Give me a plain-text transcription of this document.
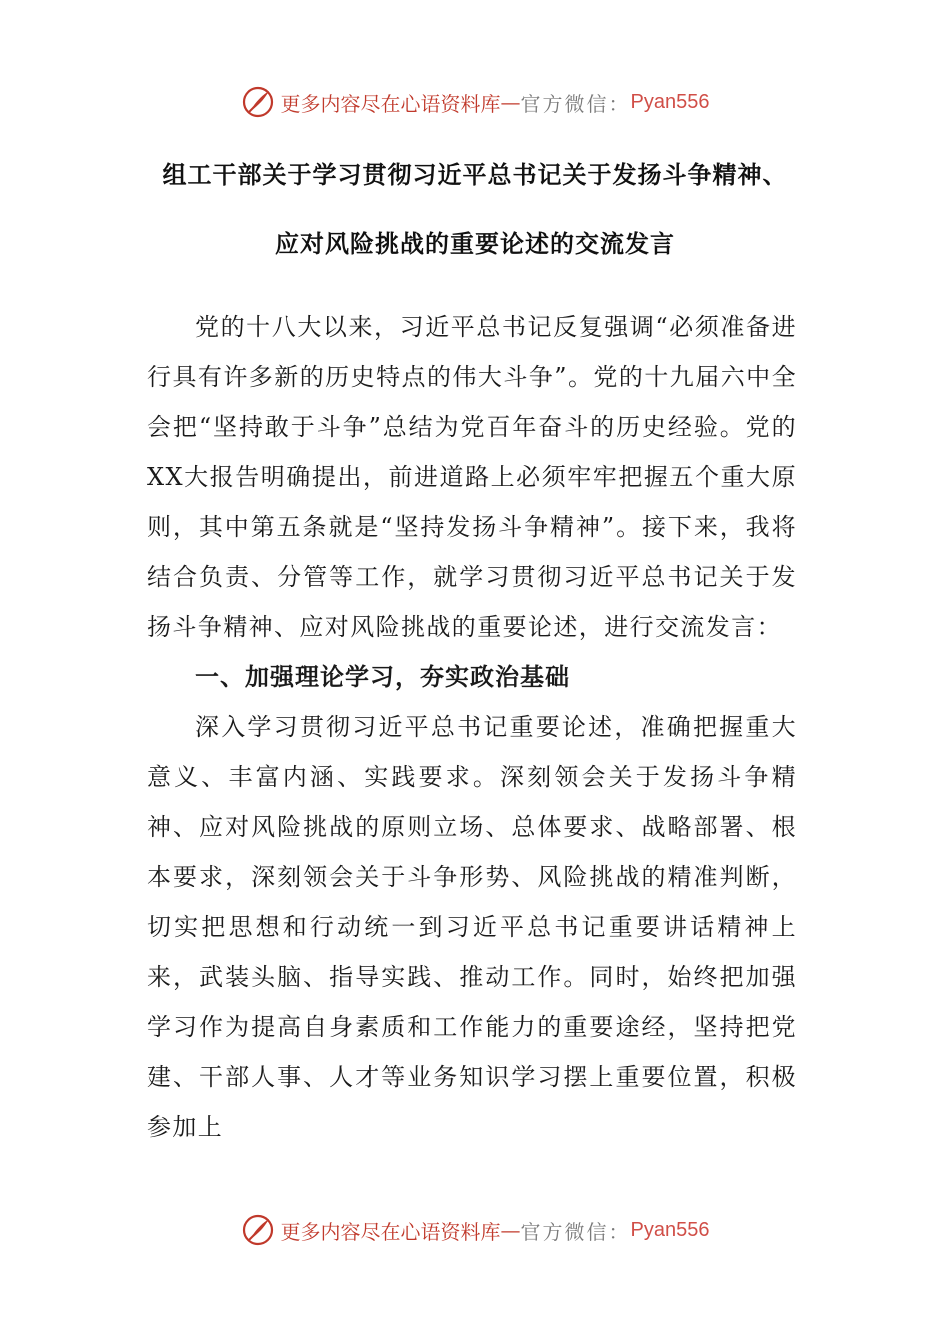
更多内容尽在心语资料库 — 官方微信： Pyan556
组工干部关于学习贯彻习近平总书记关于发扬斗争精神、
应对风险挑战的重要论述的交流发言

党的十八大以来，习近平总书记反复强调“必须准备进行具有许多新的历史特点的伟大斗争”。党的十九届六中全会把“坚持敢于斗争”总结为党百年奋斗的历史经验。党的XX大报告明确提出，前进道路上必须牢牢把握五个重大原则，其中第五条就是“坚持发扬斗争精神”。接下来，我将结合负责、分管等工作，就学习贯彻习近平总书记关于发扬斗争精神、应对风险挑战的重要论述，进行交流发言：

一、加强理论学习，夯实政治基础

深入学习贯彻习近平总书记重要论述，准确把握重大意义、丰富内涵、实践要求。深刻领会关于发扬斗争精神、应对风险挑战的原则立场、总体要求、战略部署、根本要求，深刻领会关于斗争形势、风险挑战的精准判断，切实把思想和行动统一到习近平总书记重要讲话精神上来，武装头脑、指导实践、推动工作。同时，始终把加强学习作为提高自身素质和工作能力的重要途经，坚持把党建、干部人事、人才等业务知识学习摆上重要位置，积极参加上

更多内容尽在心语资料库 — 官方微信： Pyan556
